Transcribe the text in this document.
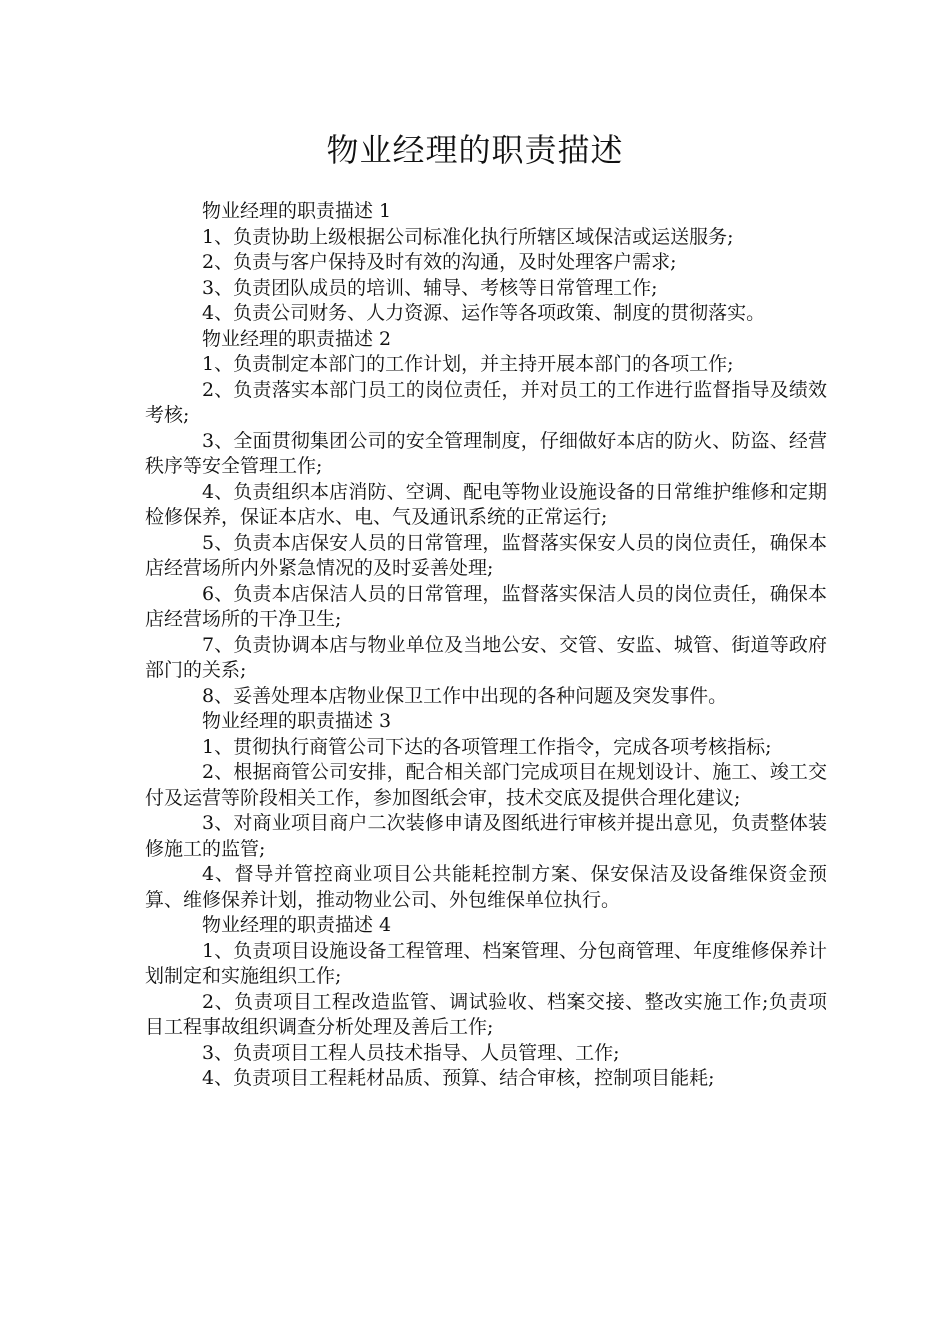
物业经理的职责描述

物业经理的职责描述 1

1、负责协助上级根据公司标准化执行所辖区域保洁或运送服务;

2、负责与客户保持及时有效的沟通，及时处理客户需求;

3、负责团队成员的培训、辅导、考核等日常管理工作;

4、负责公司财务、人力资源、运作等各项政策、制度的贯彻落实。

物业经理的职责描述 2

1、负责制定本部门的工作计划，并主持开展本部门的各项工作;

2、负责落实本部门员工的岗位责任，并对员工的工作进行监督指导及绩效考核;

3、全面贯彻集团公司的安全管理制度，仔细做好本店的防火、防盗、经营秩序等安全管理工作;

4、负责组织本店消防、空调、配电等物业设施设备的日常维护维修和定期检修保养，保证本店水、电、气及通讯系统的正常运行;

5、负责本店保安人员的日常管理，监督落实保安人员的岗位责任，确保本店经营场所内外紧急情况的及时妥善处理;

6、负责本店保洁人员的日常管理，监督落实保洁人员的岗位责任，确保本店经营场所的干净卫生;

7、负责协调本店与物业单位及当地公安、交管、安监、城管、街道等政府部门的关系;

8、妥善处理本店物业保卫工作中出现的各种问题及突发事件。

物业经理的职责描述 3

1、贯彻执行商管公司下达的各项管理工作指令，完成各项考核指标;

2、根据商管公司安排，配合相关部门完成项目在规划设计、施工、竣工交付及运营等阶段相关工作，参加图纸会审，技术交底及提供合理化建议;

3、对商业项目商户二次装修申请及图纸进行审核并提出意见，负责整体装修施工的监管;

4、督导并管控商业项目公共能耗控制方案、保安保洁及设备维保资金预算、维修保养计划，推动物业公司、外包维保单位执行。

物业经理的职责描述 4

1、负责项目设施设备工程管理、档案管理、分包商管理、年度维修保养计划制定和实施组织工作;

2、负责项目工程改造监管、调试验收、档案交接、整改实施工作;负责项目工程事故组织调查分析处理及善后工作;

3、负责项目工程人员技术指导、人员管理、工作;

4、负责项目工程耗材品质、预算、结合审核，控制项目能耗;
